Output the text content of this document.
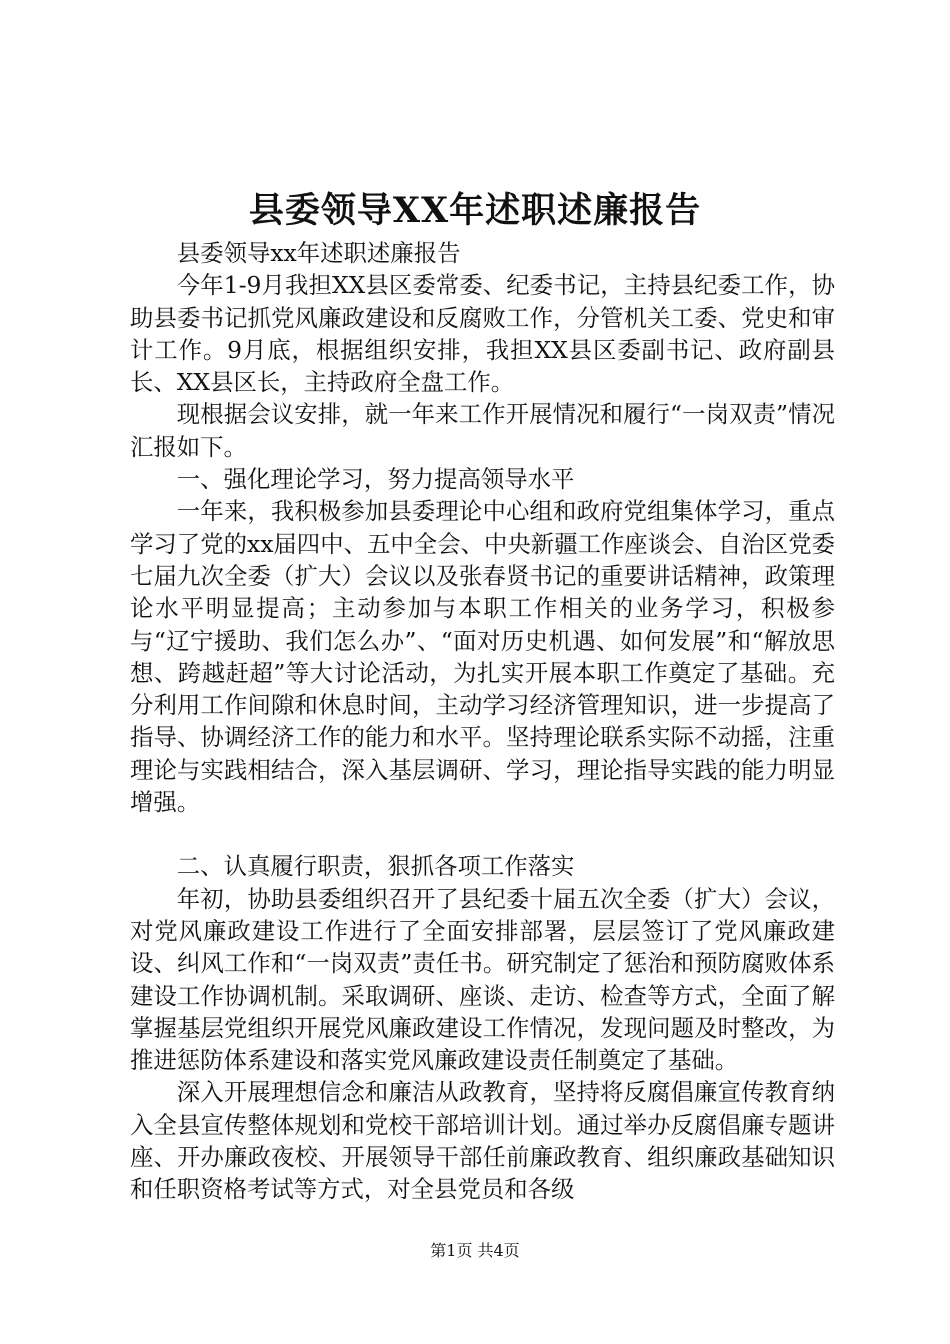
县委领导XX年述职述廉报告

县委领导xx年述职述廉报告

今年1-9月我担XX县区委常委、纪委书记，主持县纪委工作，协助县委书记抓党风廉政建设和反腐败工作，分管机关工委、党史和审计工作。9月底，根据组织安排，我担XX县区委副书记、政府副县长、XX县区长，主持政府全盘工作。

现根据会议安排，就一年来工作开展情况和履行“一岗双责”情况汇报如下。

一、强化理论学习，努力提高领导水平

一年来，我积极参加县委理论中心组和政府党组集体学习，重点学习了党的xx届四中、五中全会、中央新疆工作座谈会、自治区党委七届九次全委（扩大）会议以及张春贤书记的重要讲话精神，政策理论水平明显提高；主动参加与本职工作相关的业务学习，积极参与“辽宁援助、我们怎么办”、“面对历史机遇、如何发展”和“解放思想、跨越赶超”等大讨论活动，为扎实开展本职工作奠定了基础。充分利用工作间隙和休息时间，主动学习经济管理知识，进一步提高了指导、协调经济工作的能力和水平。坚持理论联系实际不动摇，注重理论与实践相结合，深入基层调研、学习，理论指导实践的能力明显增强。

二、认真履行职责，狠抓各项工作落实

年初，协助县委组织召开了县纪委十届五次全委（扩大）会议，对党风廉政建设工作进行了全面安排部署，层层签订了党风廉政建设、纠风工作和“一岗双责”责任书。研究制定了惩治和预防腐败体系建设工作协调机制。采取调研、座谈、走访、检查等方式，全面了解掌握基层党组织开展党风廉政建设工作情况，发现问题及时整改，为推进惩防体系建设和落实党风廉政建设责任制奠定了基础。

深入开展理想信念和廉洁从政教育，坚持将反腐倡廉宣传教育纳入全县宣传整体规划和党校干部培训计划。通过举办反腐倡廉专题讲座、开办廉政夜校、开展领导干部任前廉政教育、组织廉政基础知识和任职资格考试等方式，对全县党员和各级

第1页 共4页
